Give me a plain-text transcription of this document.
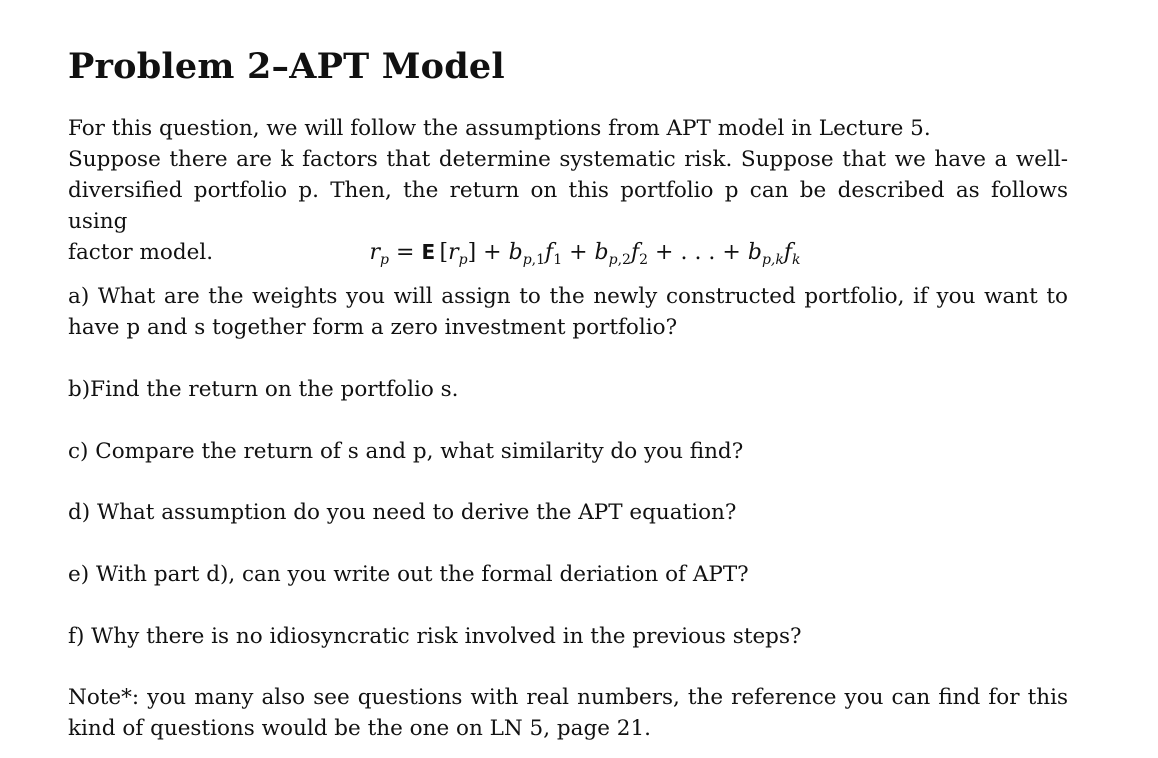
Problem 2–APT Model

For this question, we will follow the assumptions from APT model in Lecture 5.
Suppose there are k factors that determine systematic risk. Suppose that we have a well-
diversified portfolio p. Then, the return on this portfolio p can be described as follows using
factor model.	$r_p = E$ $[r_p] + b_{p,1}f_1 + b_{p,2}f_2$ + . . . + $b_{p,k}f_k$

a) What are the weights you will assign to the newly constructed portfolio, if you want to
have p and s together form a zero investment portfolio?

b)Find the return on the portfolio s.

c) Compare the return of s and p, what similarity do you find?

d) What assumption do you need to derive the APT equation?

e) With part d), can you write out the formal deriation of APT?

f) Why there is no idiosyncratic risk involved in the previous steps?

Note*: you many also see questions with real numbers, the reference you can find for this
kind of questions would be the one on LN 5, page 21.
